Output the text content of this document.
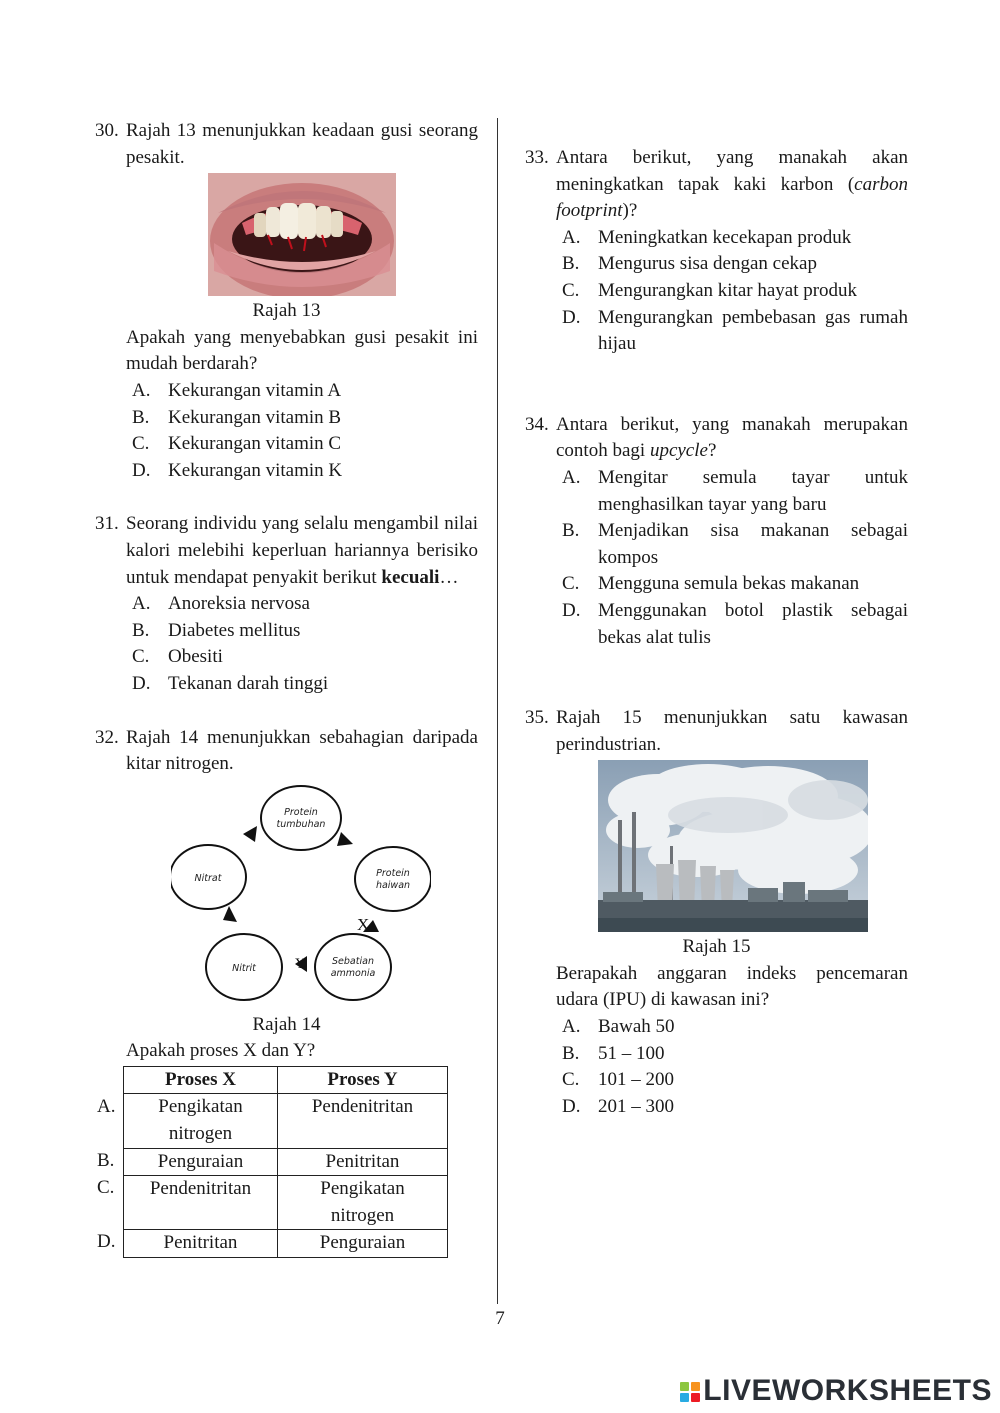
30. Rajah 13 menunjukkan keadaan gusi seorang pesakit.
Rajah 13
Apakah yang menyebabkan gusi pesakit ini mudah berdarah?
A. Kekurangan vitamin A
B. Kekurangan vitamin B
C. Kekurangan vitamin C
D. Kekurangan vitamin K
31. Seorang individu yang selalu mengambil nilai kalori melebihi keperluan hariannya berisiko untuk mendapat penyakit berikut kecuali…
A. Anoreksia nervosa
B. Diabetes mellitus
C. Obesiti
D. Tekanan darah tinggi
32. Rajah 14 menunjukkan sebahagian daripada kitar nitrogen.
Protein
tumbuhan
Protein
haiwan
Sebatian
ammonia
Nitrit
Nitrat
X
Y
Rajah 14
Apakah proses X dan Y?
Proses X	Proses Y
Pengikatan nitrogen	Pendenitritan
Penguraian	Penitritan
Pendenitritan	Pengikatan nitrogen
Penitritan	Penguraian
A.
B.
C.
D.
33. Antara berikut, yang manakah akan meningkatkan tapak kaki karbon (carbon footprint)?
A. Meningkatkan kecekapan produk
B. Mengurus sisa dengan cekap
C. Mengurangkan kitar hayat produk
D. Mengurangkan pembebasan gas rumah hijau
34. Antara berikut, yang manakah merupakan contoh bagi upcycle?
A. Mengitar semula tayar untuk menghasilkan tayar yang baru
B. Menjadikan sisa makanan sebagai kompos
C. Mengguna semula bekas makanan
D. Menggunakan botol plastik sebagai bekas alat tulis
35. Rajah 15 menunjukkan satu kawasan perindustrian.
Rajah 15
Berapakah anggaran indeks pencemaran udara (IPU) di kawasan ini?
A. Bawah 50
B. 51 – 100
C. 101 – 200
D. 201 – 300
7
LIVEWORKSHEETS
